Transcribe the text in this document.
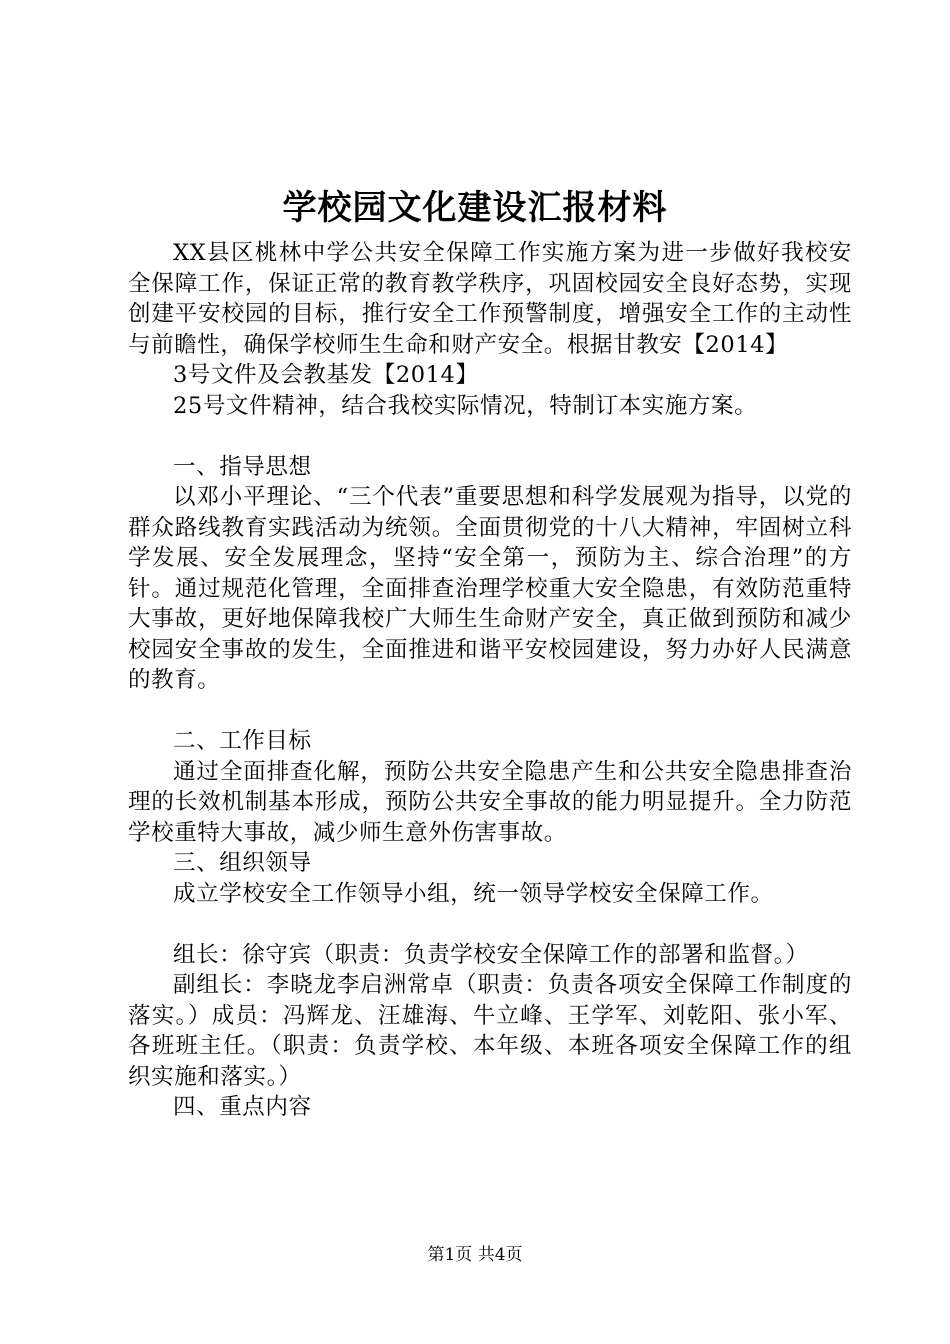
学校园文化建设汇报材料

XX县区桃林中学公共安全保障工作实施方案为进一步做好我校安全保障工作，保证正常的教育教学秩序，巩固校园安全良好态势，实现创建平安校园的目标，推行安全工作预警制度，增强安全工作的主动性与前瞻性，确保学校师生生命和财产安全。根据甘教安【2014】

3号文件及会教基发【2014】

25号文件精神，结合我校实际情况，特制订本实施方案。

一、指导思想

以邓小平理论、“三个代表”重要思想和科学发展观为指导，以党的群众路线教育实践活动为统领。全面贯彻党的十八大精神，牢固树立科学发展、安全发展理念，坚持“安全第一，预防为主、综合治理”的方针。通过规范化管理，全面排查治理学校重大安全隐患，有效防范重特大事故，更好地保障我校广大师生生命财产安全，真正做到预防和减少校园安全事故的发生，全面推进和谐平安校园建设，努力办好人民满意的教育。

二、工作目标

通过全面排查化解，预防公共安全隐患产生和公共安全隐患排查治理的长效机制基本形成，预防公共安全事故的能力明显提升。全力防范学校重特大事故，减少师生意外伤害事故。

三、组织领导

成立学校安全工作领导小组，统一领导学校安全保障工作。

组长：徐守宾（职责：负责学校安全保障工作的部署和监督。）

副组长：李晓龙李启洲常卓（职责：负责各项安全保障工作制度的落实。）成员：冯辉龙、汪雄海、牛立峰、王学军、刘乾阳、张小军、各班班主任。（职责：负责学校、本年级、本班各项安全保障工作的组织实施和落实。）

四、重点内容

第1页 共4页
